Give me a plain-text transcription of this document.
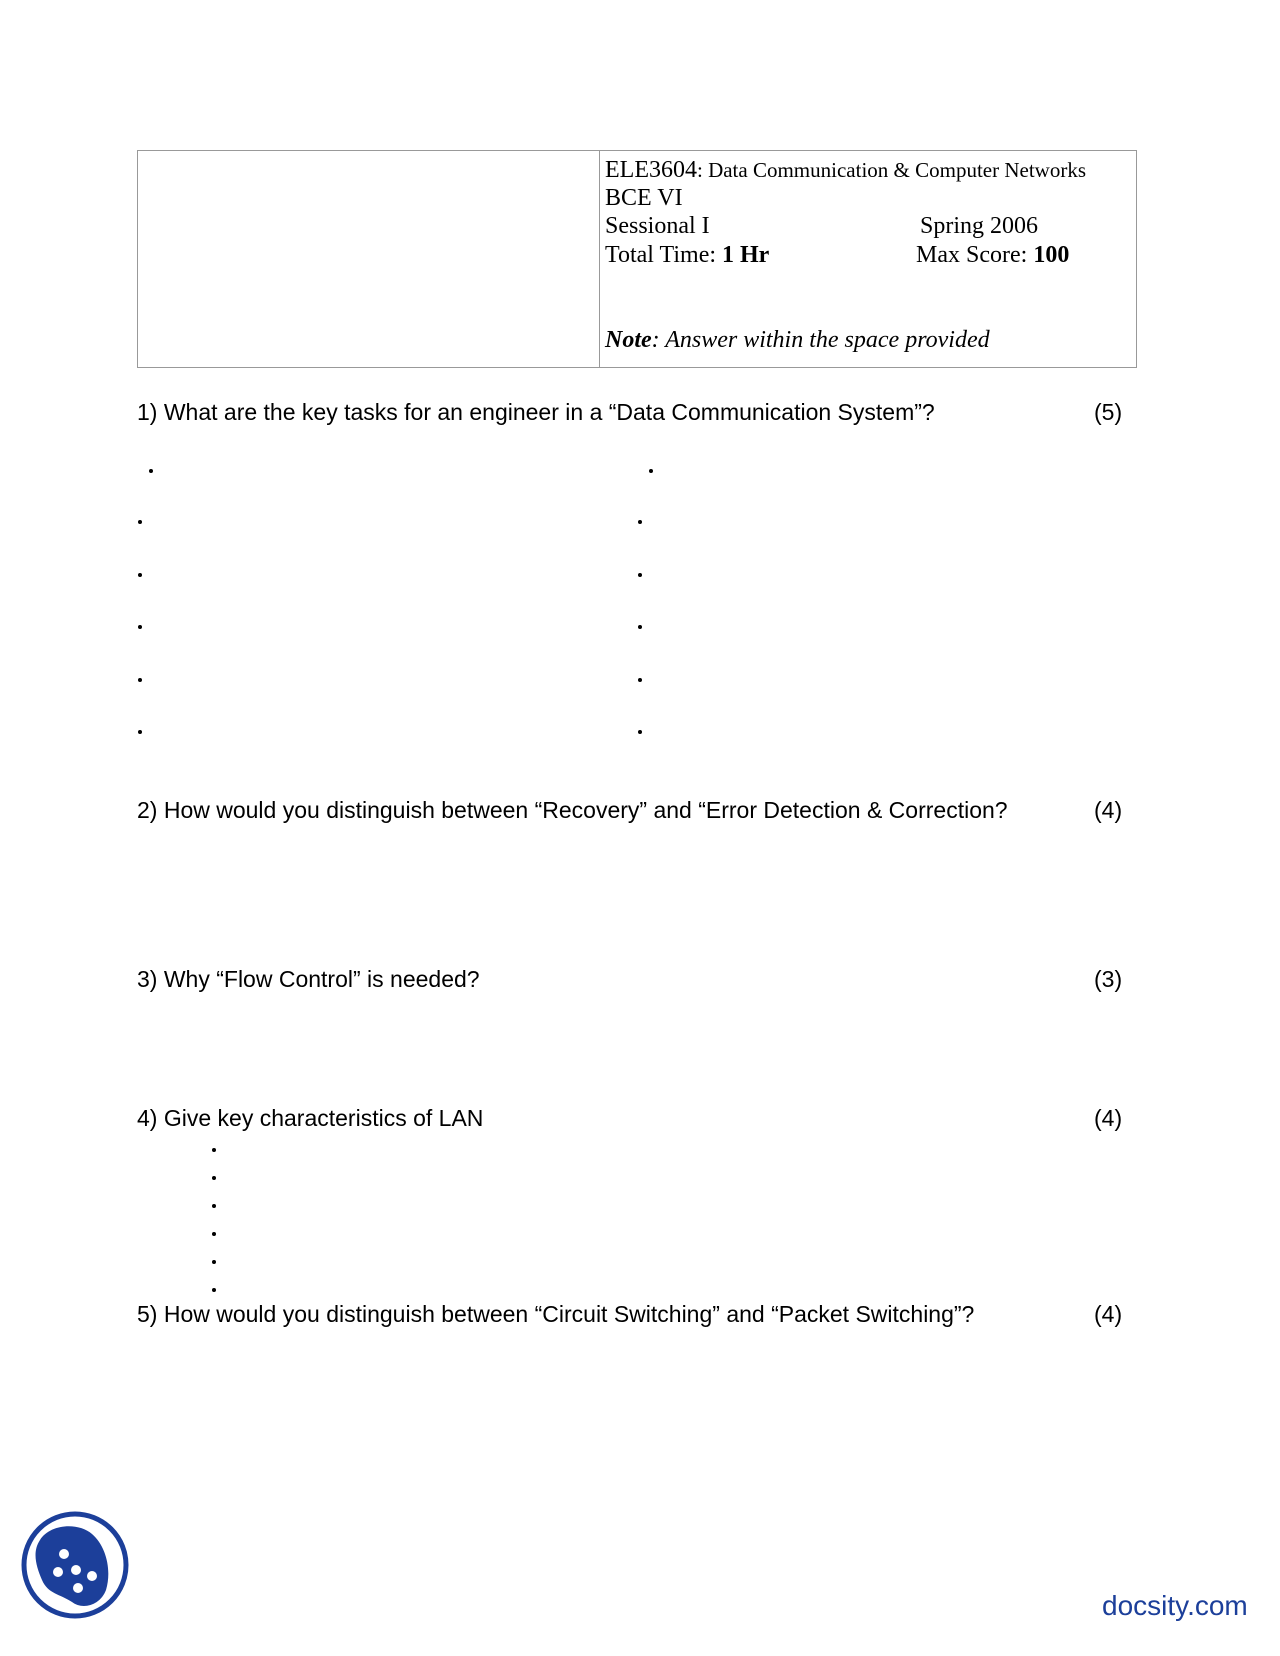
ELE3604: Data Communication & Computer Networks
BCE VI
Sessional I	Spring 2006
Total Time: 1 Hr	Max Score: 100
Note: Answer within the space provided
1) What are the key tasks for an engineer in a “Data Communication System”?	(5)
2) How would you distinguish between “Recovery” and “Error Detection & Correction?	(4)
3) Why “Flow Control” is needed?	(3)
4) Give key characteristics of LAN	(4)
5) How would you distinguish between “Circuit Switching” and “Packet Switching”?	(4)
docsity.com
